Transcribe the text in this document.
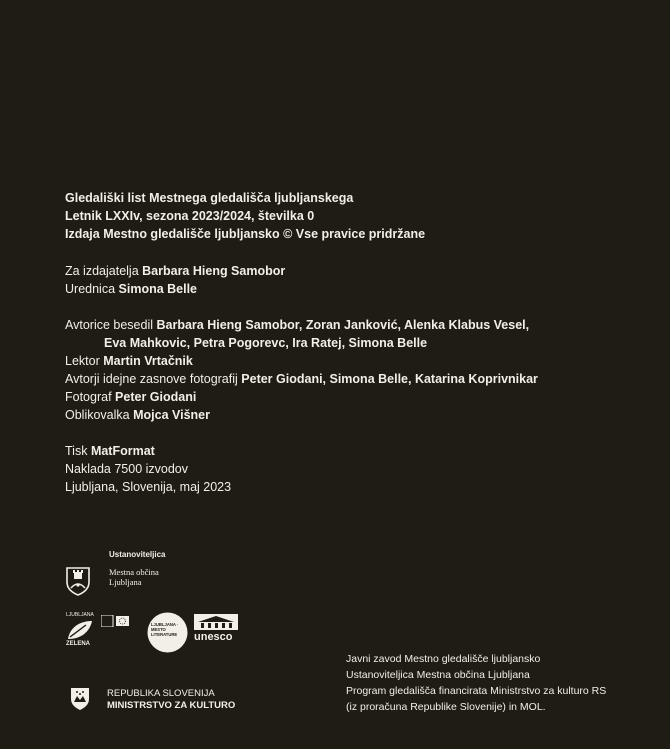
Gledališki list Mestnega gledališča ljubljanskega
Letnik LXXIv, sezona 2023/2024, številka 0
Izdaja Mestno gledališče ljubljansko © Vse pravice pridržane
Za izdajatelja Barbara Hieng Samobor
Urednica Simona Belle
Avtorice besedil Barbara Hieng Samobor, Zoran Janković, Alenka Klabus Vesel,
Eva Mahkovic, Petra Pogorevc, Ira Ratej, Simona Belle
Lektor Martin Vrtačnik
Avtorji idejne zasnove fotografij Peter Giodani, Simona Belle, Katarina Koprivnikar
Fotograf Peter Giodani
Oblikovalka Mojca Višner
Tisk MatFormat
Naklada 7500 izvodov
Ljubljana, Slovenija, maj 2023
Ustanoviteljica
Mestna občina
Ljubljana
LJUBLJANA
ZELENA
LJUBLJANA · MESTO LITERATURE	unesco
REPUBLIKA SLOVENIJA
MINISTRSTVO ZA KULTURO
Javni zavod Mestno gledališče ljubljansko
Ustanoviteljica Mestna občina Ljubljana
Program gledališča financirata Ministrstvo za kulturo RS
(iz proračuna Republike Slovenije) in MOL.
